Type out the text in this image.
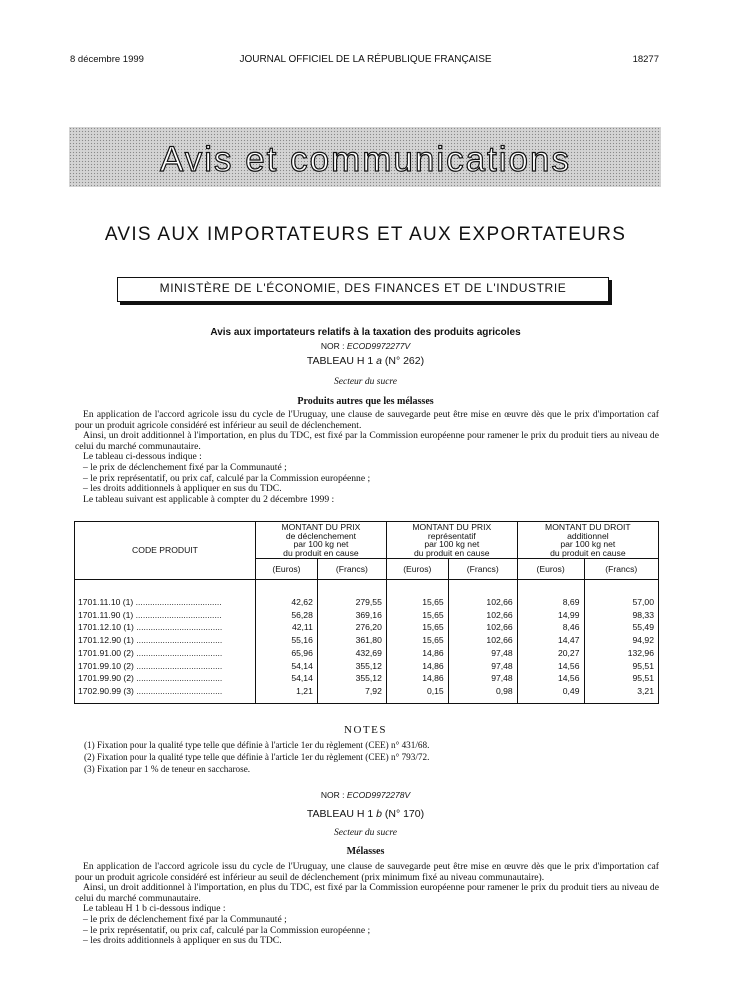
8 décembre 1999	JOURNAL OFFICIEL DE LA RÉPUBLIQUE FRANÇAISE	18277
Avis et communications
AVIS AUX IMPORTATEURS ET AUX EXPORTATEURS
MINISTÈRE DE L'ÉCONOMIE, DES FINANCES ET DE L'INDUSTRIE
Avis aux importateurs relatifs à la taxation des produits agricoles
NOR : ECOD9972277V
TABLEAU H 1 a (N° 262)
Secteur du sucre
Produits autres que les mélasses

En application de l'accord agricole issu du cycle de l'Uruguay, une clause de sauvegarde peut être mise en œuvre dès que le prix d'importation caf pour un produit agricole considéré est inférieur au seuil de déclenchement.

Ainsi, un droit additionnel à l'importation, en plus du TDC, est fixé par la Commission européenne pour ramener le prix du produit tiers au niveau de celui du marché communautaire.

Le tableau ci-dessous indique :

– le prix de déclenchement fixé par la Communauté ;

– le prix représentatif, ou prix caf, calculé par la Commission européenne ;

– les droits additionnels à appliquer en sus du TDC.

Le tableau suivant est applicable à compter du 2 décembre 1999 :

CODE PRODUIT	MONTANT DU PRIX
de déclenchement
par 100 kg net
du produit en cause		MONTANT DU PRIX
représentatif
par 100 kg net
du produit en cause		MONTANT DU DROIT
additionnel
par 100 kg net
du produit en cause	
	(Euros)	(Francs)	(Euros)	(Francs)	(Euros)	(Francs)

1701.11.10 (1) ....................................	42,62	279,55	15,65	102,66	8,69	57,00
1701.11.90 (1) ....................................	56,28	369,16	15,65	102,66	14,99	98,33
1701.12.10 (1) ....................................	42,11	276,20	15,65	102,66	8,46	55,49
1701.12.90 (1) ....................................	55,16	361,80	15,65	102,66	14,47	94,92
1701.91.00 (2) ....................................	65,96	432,69	14,86	97,48	20,27	132,96
1701.99.10 (2) ....................................	54,14	355,12	14,86	97,48	14,56	95,51
1701.99.90 (2) ....................................	54,14	355,12	14,86	97,48	14,56	95,51
1702.90.99 (3) ....................................	1,21	7,92	0,15	0,98	0,49	3,21

NOTES

(1) Fixation pour la qualité type telle que définie à l'article 1er du règlement (CEE) n° 431/68.

(2) Fixation pour la qualité type telle que définie à l'article 1er du règlement (CEE) n° 793/72.

(3) Fixation par 1 % de teneur en saccharose.

NOR : ECOD9972278V
TABLEAU H 1 b (N° 170)
Secteur du sucre
Mélasses

En application de l'accord agricole issu du cycle de l'Uruguay, une clause de sauvegarde peut être mise en œuvre dès que le prix d'importation caf pour un produit agricole considéré est inférieur au seuil de déclenchement (prix minimum fixé au niveau communautaire).

Ainsi, un droit additionnel à l'importation, en plus du TDC, est fixé par la Commission européenne pour ramener le prix du produit tiers au niveau de celui du marché communautaire.

Le tableau H 1 b ci-dessous indique :

– le prix de déclenchement fixé par la Communauté ;

– le prix représentatif, ou prix caf, calculé par la Commission européenne ;

– les droits additionnels à appliquer en sus du TDC.
